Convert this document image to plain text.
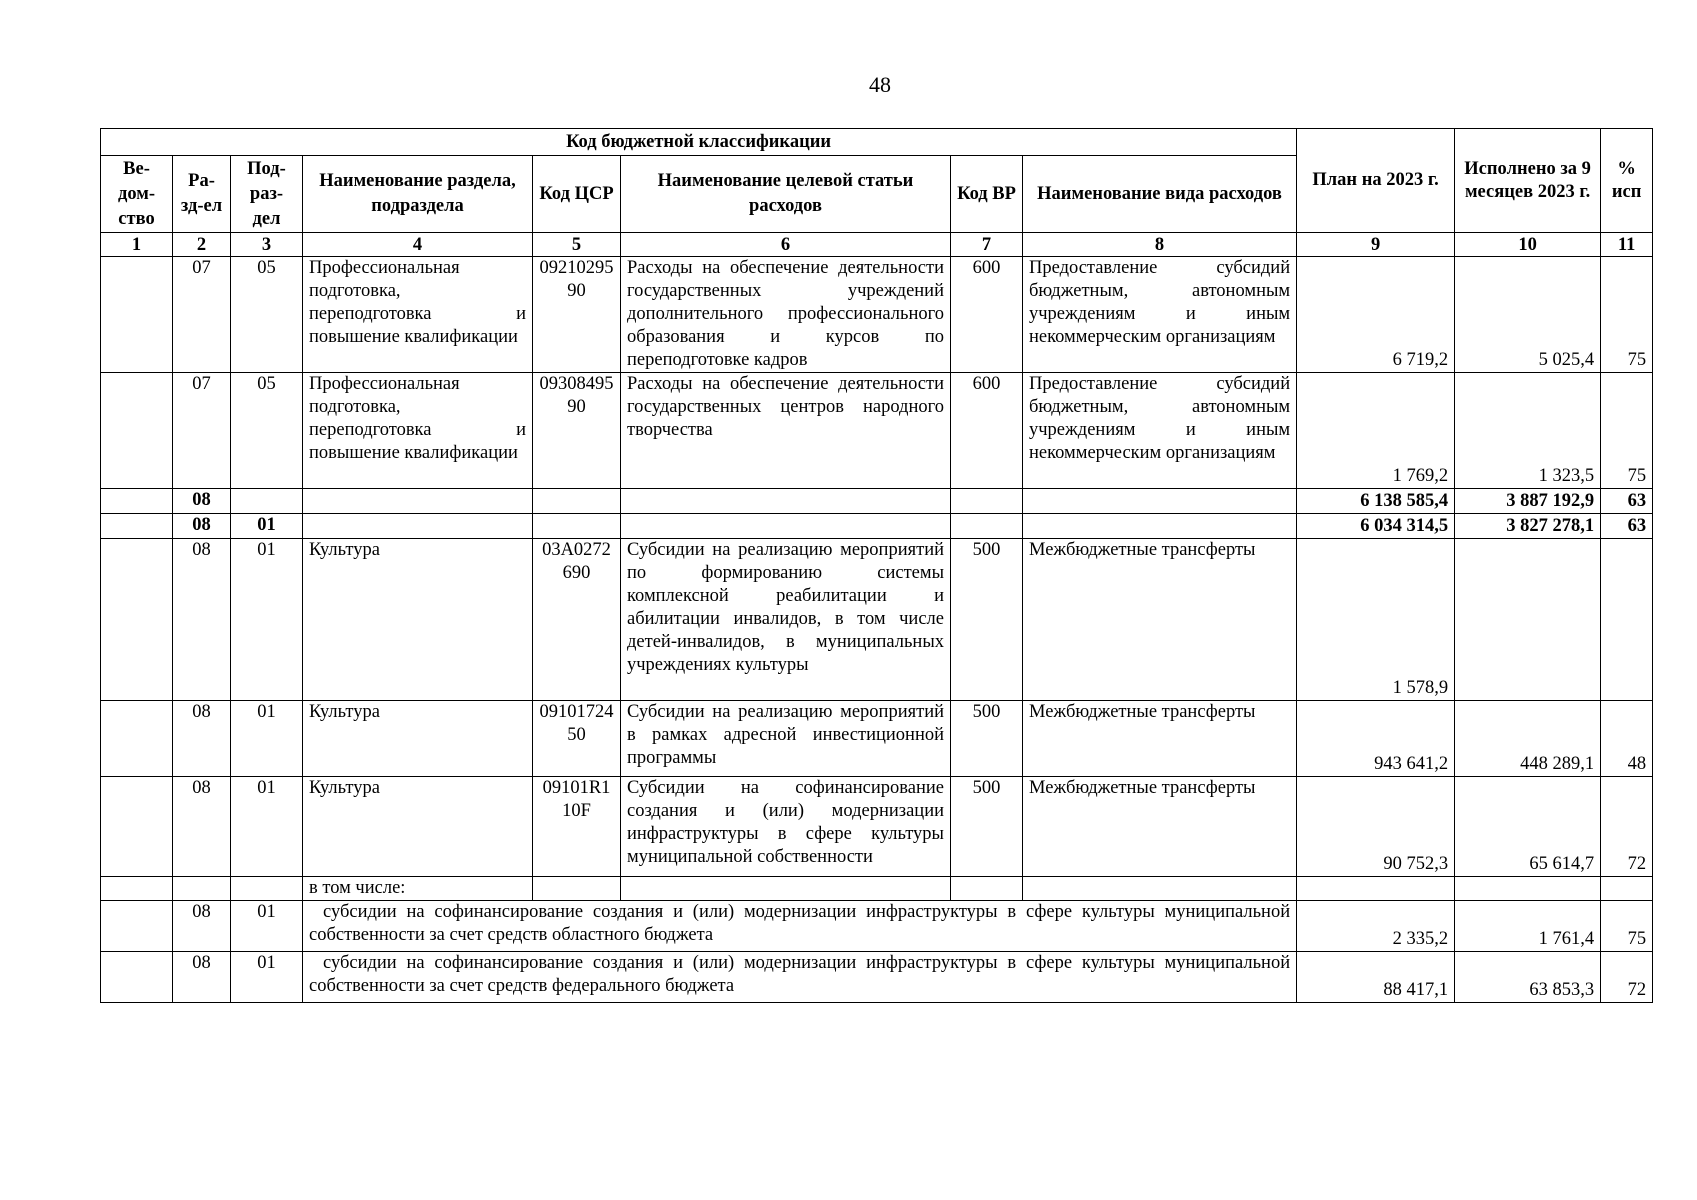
48
Код бюджетной классификации								План на 2023 г.	Исполнено за 9 месяцев 2023 г.	% исп
Ве-дом-ство	Ра-зд-ел	Под-раз-дел	Наименование раздела, подраздела	Код ЦСР	Наименование целевой статьи расходов	Код ВР	Наименование вида расходов			
1	2	3	4	5	6	7	8	9	10	11
	07	05	Профессиональная подготовка, переподготовка и повышение квалификации	0921029590	Расходы на обеспечение деятельности государственных учреждений дополнительного профессионального образования и курсов по переподготовке кадров	600	Предоставление субсидий бюджетным, автономным учреждениям и иным некоммерческим организациям	6 719,2	5 025,4	75
	07	05	Профессиональная подготовка, переподготовка и повышение квалификации	0930849590	Расходы на обеспечение деятельности государственных центров народного творчества	600	Предоставление субсидий бюджетным, автономным учреждениям и иным некоммерческим организациям	1 769,2	1 323,5	75
	08							6 138 585,4	3 887 192,9	63
	08	01						6 034 314,5	3 827 278,1	63
	08	01	Культура	03А0272690	Субсидии на реализацию мероприятий по формированию системы комплексной реабилитации и абилитации инвалидов, в том числе детей-инвалидов, в муниципальных учреждениях культуры	500	Межбюджетные трансферты	1 578,9		
	08	01	Культура	0910172450	Субсидии на реализацию мероприятий в рамках адресной инвестиционной программы	500	Межбюджетные трансферты	943 641,2	448 289,1	48
	08	01	Культура	09101R110F	Субсидии на софинансирование создания и (или) модернизации инфраструктуры в сфере культуры муниципальной собственности	500	Межбюджетные трансферты	90 752,3	65 614,7	72
			в том числе:							
	08	01	субсидии на софинансирование создания и (или) модернизации инфраструктуры в сфере культуры муниципальной собственности за счет средств областного бюджета					2 335,2	1 761,4	75
	08	01	субсидии на софинансирование создания и (или) модернизации инфраструктуры в сфере культуры муниципальной собственности за счет средств федерального бюджета					88 417,1	63 853,3	72
